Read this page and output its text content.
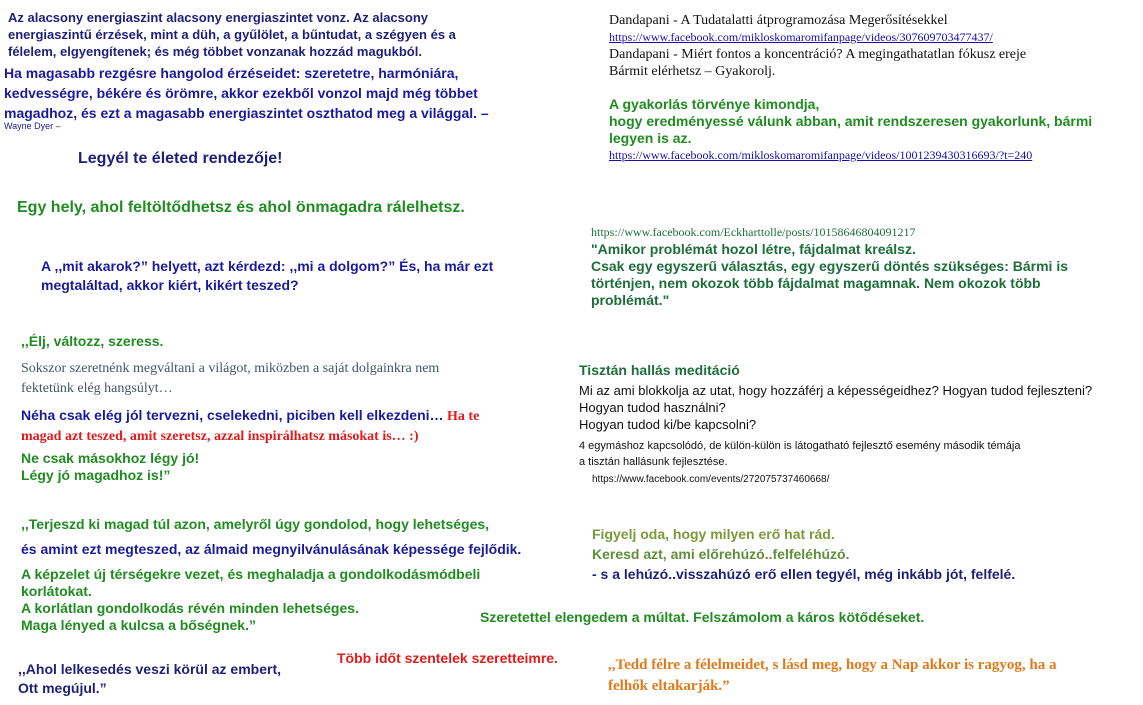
Az alacsony energiaszint alacsony energiaszintet vonz. Az alacsony
energiaszintű érzések, mint a düh, a gyűlölet, a bűntudat, a szégyen és a
félelem, elgyengítenek; és még többet vonzanak hozzád magukból.
Ha magasabb rezgésre hangolod érzéseidet: szeretetre, harmóniára,
kedvességre, békére és örömre, akkor ezekből vonzol majd még többet
magadhoz, és ezt a magasabb energiaszintet oszthatod meg a világgal. –
Wayne Dyer –
Legyél te életed rendezője!
Egy hely, ahol feltöltődhetsz és ahol önmagadra rálelhetsz.
A ,,mit akarok?” helyett, azt kérdezd: ,,mi a dolgom?” És, ha már ezt
megtaláltad, akkor kiért, kikért teszed?
,,Élj, változz, szeress.
Sokszor szeretnénk megváltani a világot, miközben a saját dolgainkra nem
fektetünk elég hangsúlyt…
Néha csak elég jól tervezni, cselekedni, piciben kell elkezdeni… Ha te
magad azt teszed, amit szeretsz, azzal inspirálhatsz másokat is… :)
Ne csak másokhoz légy jó!
Légy jó magadhoz is!”
,,Terjeszd ki magad túl azon, amelyről úgy gondolod, hogy lehetséges,
és amint ezt megteszed, az álmaid megnyilvánulásának képessége fejlődik.
A képzelet új térségekre vezet, és meghaladja a gondolkodásmódbeli
korlátokat.
A korlátlan gondolkodás révén minden lehetséges.
Maga lényed a kulcsa a bőségnek.”
,,Ahol lelkesedés veszi körül az embert,
Ott megújul.”
Több időt szentelek szeretteimre.
Szeretettel elengedem a múltat. Felszámolom a káros kötődéseket.
Dandapani - A Tudatalatti átprogramozása Megerősítésekkel
https://www.facebook.com/mikloskomaromifanpage/videos/307609703477437/
Dandapani - Miért fontos a koncentráció? A megingathatatlan fókusz ereje
Bármit elérhetsz – Gyakorolj.
A gyakorlás törvénye kimondja,
hogy eredményessé válunk abban, amit rendszeresen gyakorlunk, bármi
legyen is az.
https://www.facebook.com/mikloskomaromifanpage/videos/1001239430316693/?t=240
https://www.facebook.com/Eckharttolle/posts/10158646804091217
"Amikor problémát hozol létre, fájdalmat kreálsz.
Csak egy egyszerű választás, egy egyszerű döntés szükséges: Bármi is
történjen, nem okozok több fájdalmat magamnak. Nem okozok több
problémát."
Tisztán hallás meditáció
Mi az ami blokkolja az utat, hogy hozzáférj a képességeidhez? Hogyan tudod fejleszteni?
Hogyan tudod használni?
Hogyan tudod ki/be kapcsolni?
4 egymáshoz kapcsolódó, de külön-külön is látogatható fejlesztő esemény második témája
a tisztán hallásunk fejlesztése.
https://www.facebook.com/events/272075737460668/
Figyelj oda, hogy milyen erő hat rád.
Keresd azt, ami előrehúzó..felfeléhúzó.
- s a lehúzó..visszahúzó erő ellen tegyél, még inkább jót, felfelé.
,,Tedd félre a félelmeidet, s lásd meg, hogy a Nap akkor is ragyog, ha a
felhők eltakarják.”
